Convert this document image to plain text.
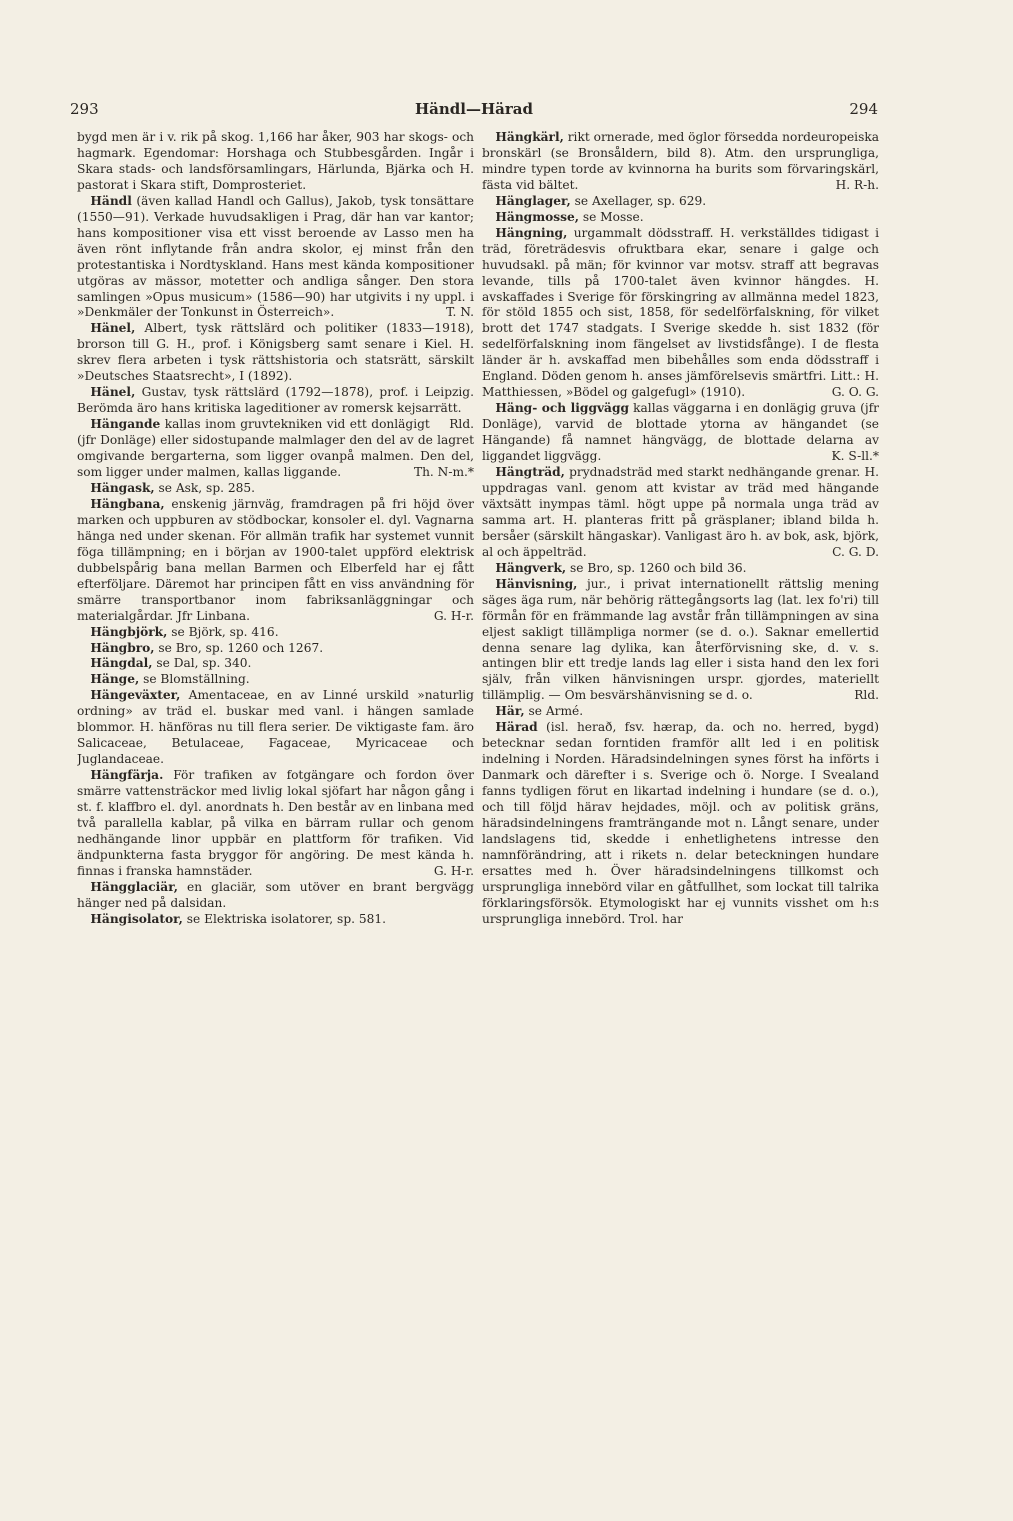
293	Händl—Härad	294

bygd men är i v. rik på skog. 1,166 har åker, 903 har skogs- och hagmark. Egendomar: Horshaga och Stubbesgården. Ingår i Skara stads- och landsförsamlingars, Härlunda, Bjärka och H. pastorat i Skara stift, Domprosteriet.

Händl (även kallad Handl och Gallus), Jakob, tysk tonsättare (1550—91). Verkade huvudsakligen i Prag, där han var kantor; hans kompositioner visa ett visst beroende av Lasso men ha även rönt inflytande från andra skolor, ej minst från den protestantiska i Nordtyskland. Hans mest kända kompositioner utgöras av mässor, motetter och andliga sånger. Den stora samlingen »Opus musicum» (1586—90) har utgivits i ny uppl. i »Denkmäler der Tonkunst in Österreich».	T. N.

Hänel, Albert, tysk rättslärd och politiker (1833—1918), brorson till G. H., prof. i Königsberg samt senare i Kiel. H. skrev flera arbeten i tysk rättshistoria och statsrätt, särskilt »Deutsches Staatsrecht», I (1892).

Hänel, Gustav, tysk rättslärd (1792—1878), prof. i Leipzig. Berömda äro hans kritiska lageditioner av romersk kejsarrätt.
Rld.

Hängande kallas inom gruvtekniken vid ett donlägigt (jfr Donläge) eller sidostupande malmlager den del av de lagret omgivande bergarterna, som ligger ovanpå malmen. Den del, som ligger under malmen, kallas liggande.	Th. N-m.*

Hängask, se Ask, sp. 285.

Hängbana, enskenig järnväg, framdragen på fri höjd över marken och uppburen av stödbockar, konsoler el. dyl. Vagnarna hänga ned under skenan. För allmän trafik har systemet vunnit föga tillämpning; en i början av 1900-talet uppförd elektrisk dubbelspårig bana mellan Barmen och Elberfeld har ej fått efterföljare. Däremot har principen fått en viss användning för smärre transportbanor inom fabriksanläggningar och materialgårdar. Jfr Linbana.	G. H-r.

Hängbjörk, se Björk, sp. 416.

Hängbro, se Bro, sp. 1260 och 1267.

Hängdal, se Dal, sp. 340.

Hänge, se Blomställning.

Hängeväxter, Amentaceae, en av Linné urskild »naturlig ordning» av träd el. buskar med vanl. i hängen samlade blommor. H. hänföras nu till flera serier. De viktigaste fam. äro Salicaceae, Betulaceae, Fagaceae, Myricaceae och Juglandaceae.

Hängfärja. För trafiken av fotgängare och fordon över smärre vattensträckor med livlig lokal sjöfart har någon gång i st. f. klaffbro el. dyl. anordnats h. Den består av en linbana med två parallella kablar, på vilka en bärram rullar och genom nedhängande linor uppbär en plattform för trafiken. Vid ändpunkterna fasta bryggor för angöring. De mest kända h. finnas i franska hamnstäder.	G. H-r.

Hängglaciär, en glaciär, som utöver en brant bergvägg hänger ned på dalsidan.

Hängisolator, se Elektriska isolatorer, sp. 581.

Hängkärl, rikt ornerade, med öglor försedda nordeuropeiska bronskärl (se Bronsåldern, bild 8). Atm. den ursprungliga, mindre typen torde av kvinnorna ha burits som förvaringskärl, fästa vid bältet.	H. R-h.

Hänglager, se Axellager, sp. 629.

Hängmosse, se Mosse.

Hängning, urgammalt dödsstraff. H. verkställdes tidigast i träd, företrädesvis ofruktbara ekar, senare i galge och huvudsakl. på män; för kvinnor var motsv. straff att begravas levande, tills på 1700-talet även kvinnor hängdes. H. avskaffades i Sverige för förskingring av allmänna medel 1823, för stöld 1855 och sist, 1858, för sedelförfalskning, för vilket brott det 1747 stadgats. I Sverige skedde h. sist 1832 (för sedelförfalskning inom fängelset av livstidsfånge). I de flesta länder är h. avskaffad men bibehålles som enda dödsstraff i England. Döden genom h. anses jämförelsevis smärtfri. Litt.: H. Matthiessen, »Bödel og galgefugl» (1910).	G. O. G.

Häng- och liggvägg kallas väggarna i en donlägig gruva (jfr Donläge), varvid de blottade ytorna av hängandet (se Hängande) få namnet hängvägg, de blottade delarna av liggandet liggvägg.	K. S-ll.*

Hängträd, prydnadsträd med starkt nedhängande grenar. H. uppdragas vanl. genom att kvistar av träd med hängande växtsätt inympas täml. högt uppe på normala unga träd av samma art. H. planteras fritt på gräsplaner; ibland bilda h. bersåer (särskilt hängaskar). Vanligast äro h. av bok, ask, björk, al och äppelträd.	C. G. D.

Hängverk, se Bro, sp. 1260 och bild 36.

Hänvisning, jur., i privat internationellt rättslig mening säges äga rum, när behörig rättegångsorts lag (lat. lex fo'ri) till förmån för en främmande lag avstår från tillämpningen av sina eljest sakligt tillämpliga normer (se d. o.). Saknar emellertid denna senare lag dylika, kan återförvisning ske, d. v. s. antingen blir ett tredje lands lag eller i sista hand den lex fori själv, från vilken hänvisningen urspr. gjordes, materiellt tillämplig. — Om besvärshänvisning se d. o.	Rld.

Här, se Armé.

Härad (isl. herað, fsv. hærap, da. och no. herred, bygd) betecknar sedan forntiden framför allt led i en politisk indelning i Norden. Häradsindelningen synes först ha införts i Danmark och därefter i s. Sverige och ö. Norge. I Svealand fanns tydligen förut en likartad indelning i hundare (se d. o.), och till följd härav hejdades, möjl. och av politisk gräns, häradsindelningens framträngande mot n. Långt senare, under landslagens tid, skedde i enhetlighetens intresse den namnförändring, att i rikets n. delar beteckningen hundare ersattes med h. Över häradsindelningens tillkomst och ursprungliga innebörd vilar en gåtfullhet, som lockat till talrika förklaringsförsök. Etymologiskt har ej vunnits visshet om h:s ursprungliga innebörd. Trol. har
